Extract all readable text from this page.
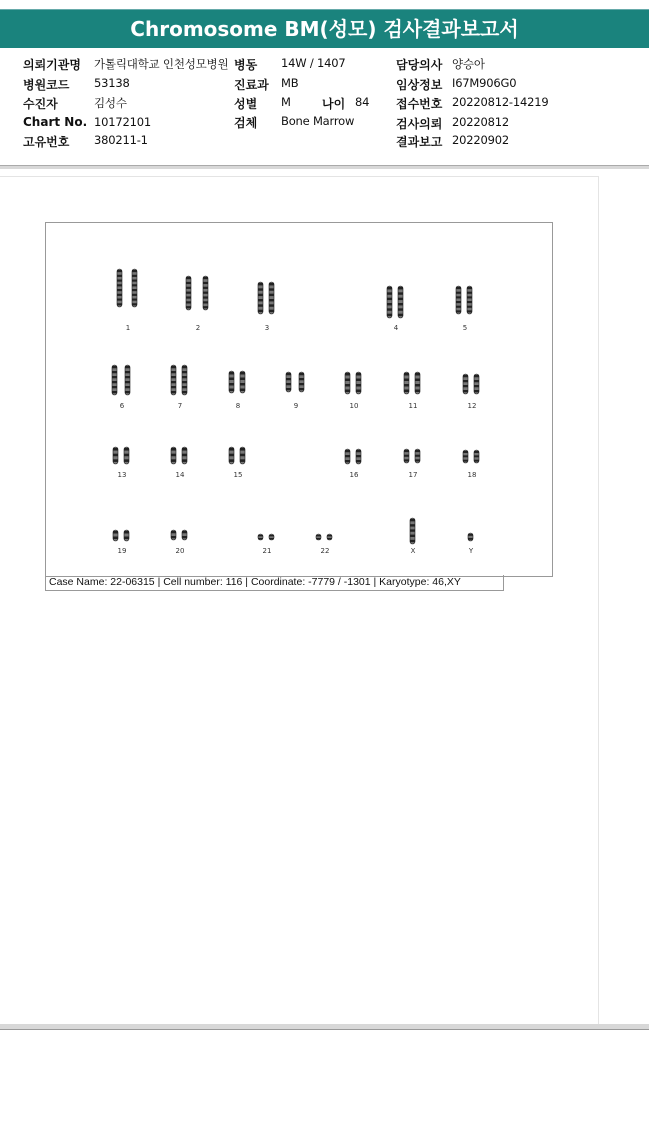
Chromosome BM(성모) 검사결과보고서
의뢰기관명 가톨릭대학교 인천성모병원
병원코드 53138
수진자	김성수
Chart No. 10172101
고유번호 380211-1
병동 14W / 1407
진료과 MB
성별 M	나이 84
검체 Bone Marrow
담당의사 양승아
임상정보 I67M906G0
접수번호 20220812-14219
검사의뢰 20220812
결과보고 20220902
1	2	3	4	5
6	7	8	9	10	11	12
13	14	15	16	17	18
19	20	21	22	X	Y
Case Name: 22-06315 | Cell number: 116 | Coordinate: -7779 / -1301 | Karyotype: 46,XY
